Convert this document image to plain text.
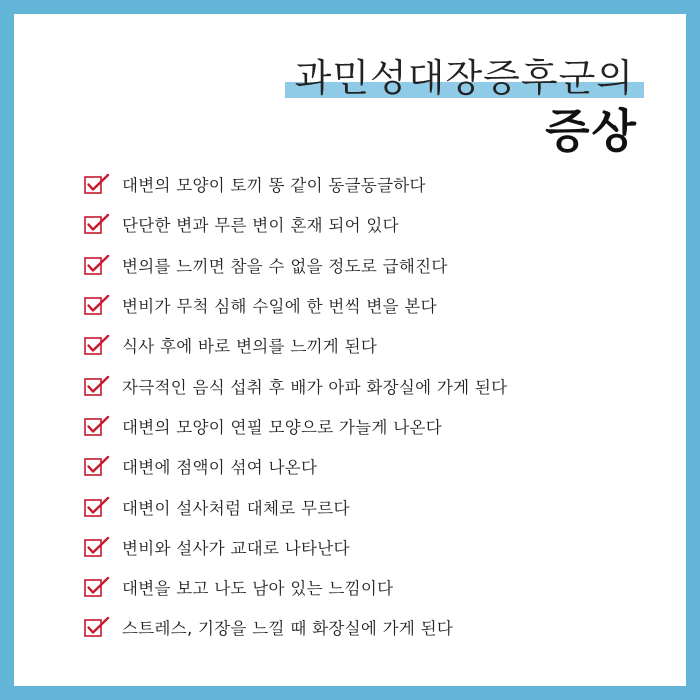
과민성대장증후군의
증상
대변의 모양이 토끼 똥 같이 동글동글하다
단단한 변과 무른 변이 혼재 되어 있다
변의를 느끼면 참을 수 없을 정도로 급해진다
변비가 무척 심해 수일에 한 번씩 변을 본다
식사 후에 바로 변의를 느끼게 된다
자극적인 음식 섭취 후 배가 아파 화장실에 가게 된다
대변의 모양이 연필 모양으로 가늘게 나온다
대변에 점액이 섞여 나온다
대변이 설사처럼 대체로 무르다
변비와 설사가 교대로 나타난다
대변을 보고 나도 남아 있는 느낌이다
스트레스, 기장을 느낄 때 화장실에 가게 된다
